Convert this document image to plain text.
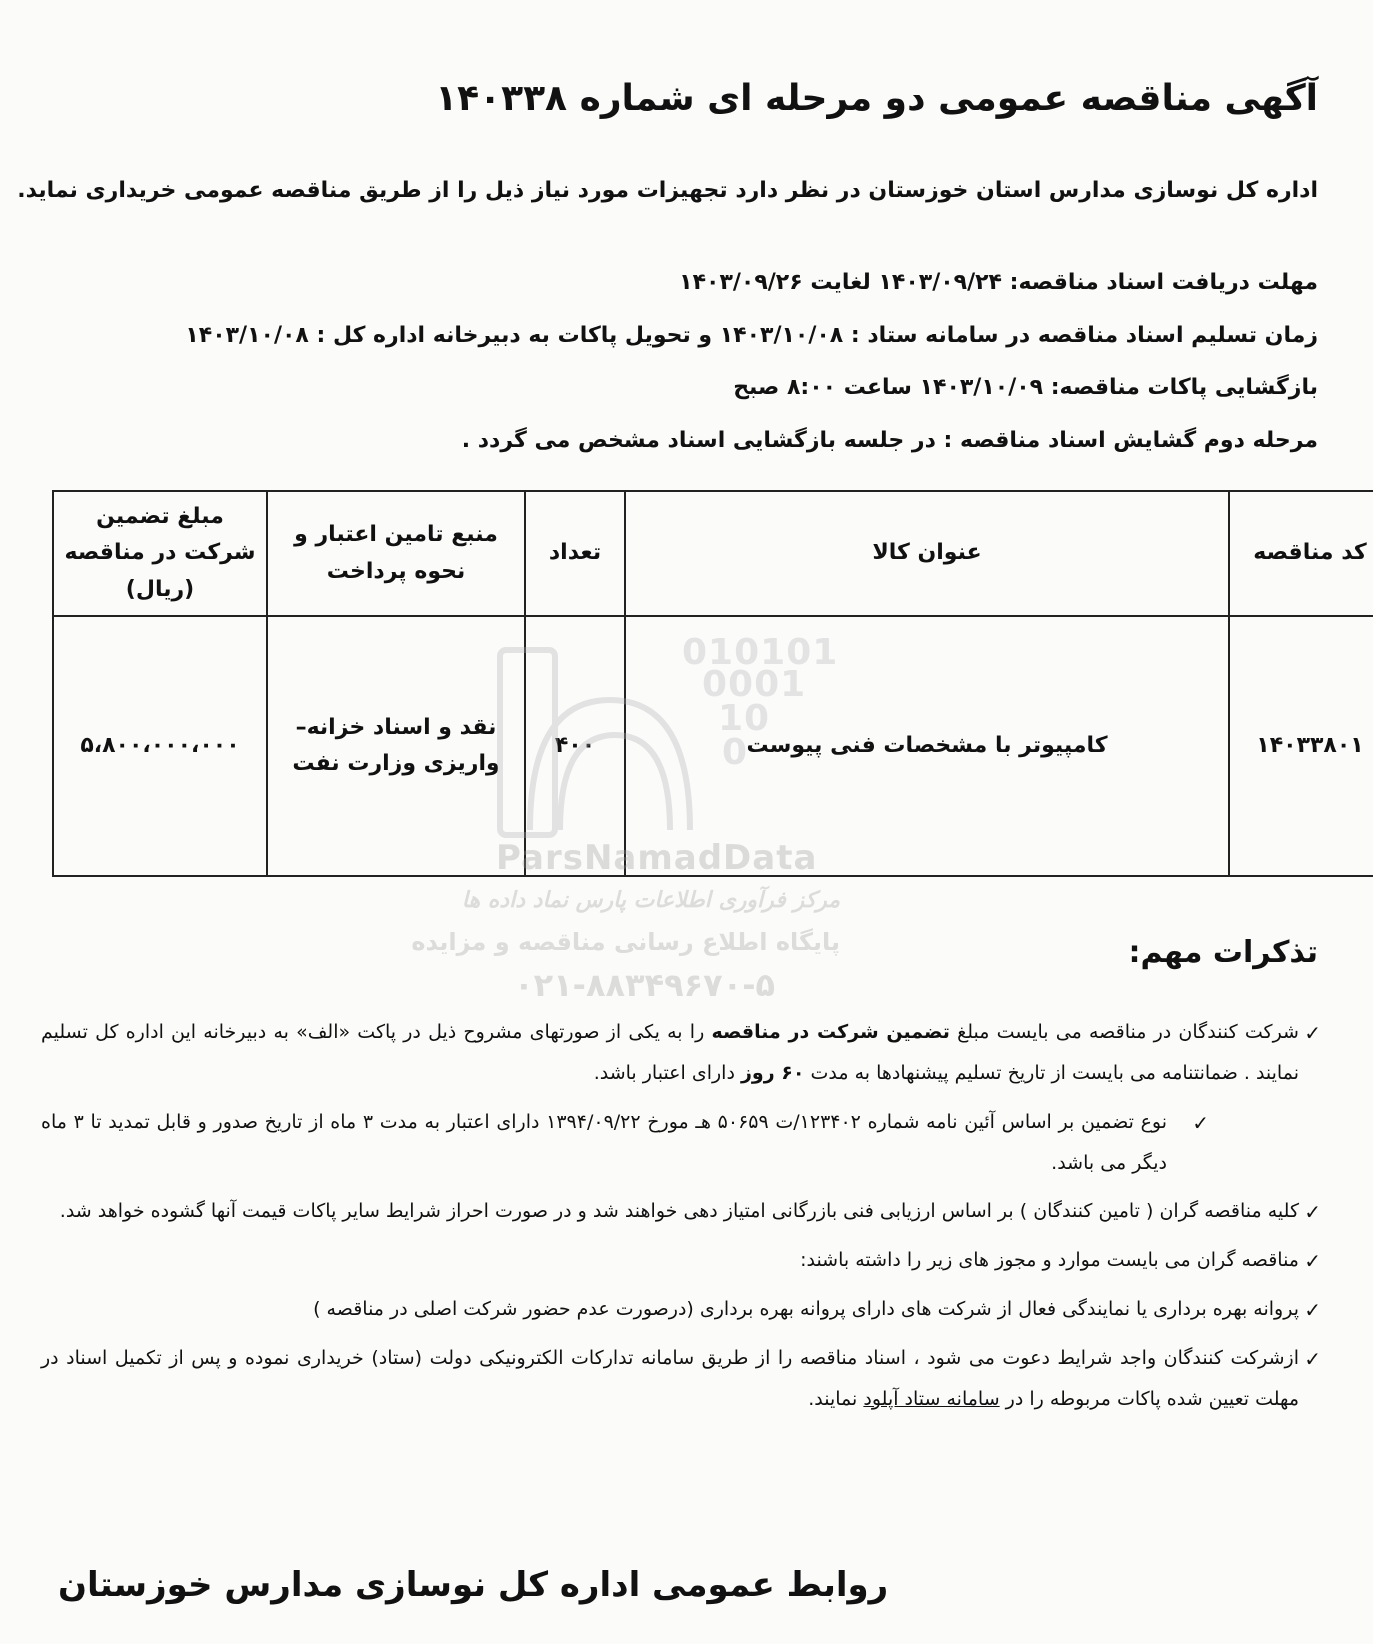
آگهی مناقصه عمومی دو مرحله ای شماره ۱۴۰۳۳۸
اداره کل نوسازی مدارس استان خوزستان در نظر دارد تجهیزات مورد نیاز ذیل را از طریق مناقصه عمومی خریداری نماید.
مهلت دریافت اسناد مناقصه: ۱۴۰۳/۰۹/۲۴ لغایت ۱۴۰۳/۰۹/۲۶
زمان تسلیم اسناد مناقصه در سامانه ستاد : ۱۴۰۳/۱۰/۰۸ و تحویل پاکات به دبیرخانه اداره کل : ۱۴۰۳/۱۰/۰۸
بازگشایی پاکات مناقصه: ۱۴۰۳/۱۰/۰۹ ساعت ۸:۰۰ صبح
مرحله دوم گشایش اسناد مناقصه : در جلسه بازگشایی اسناد مشخص می گردد .
کد مناقصه	عنوان کالا	تعداد	منبع تامین اعتبار و نحوه پرداخت	مبلغ تضمین شرکت در مناقصه (ریال)
۱۴۰۳۳۸۰۱	کامپیوتر با مشخصات فنی پیوست	۴۰۰	نقد و اسناد خزانه– واریزی وزارت نفت	۵،۸۰۰،۰۰۰،۰۰۰
010101
0001
10
0
ParsNamadData
مرکز فرآوری اطلاعات پارس نماد داده ها
پایگاه اطلاع رسانی مناقصه و مزایده
۰۲۱-۸۸۳۴۹۶۷۰-۵
تذکرات مهم:
✓
شرکت کنندگان در مناقصه می بایست مبلغ تضمین شرکت در مناقصه را به یکی از صورتهای مشروح ذیل در پاکت «الف» به دبیرخانه این اداره کل تسلیم نمایند . ضمانتنامه می بایست از تاریخ تسلیم پیشنهادها به مدت ۶۰ روز دارای اعتبار باشد.
✓
نوع تضمین بر اساس آئین نامه شماره ۱۲۳۴۰۲/ت ۵۰۶۵۹ هـ مورخ ۱۳۹۴/۰۹/۲۲ دارای اعتبار به مدت ۳ ماه از تاریخ صدور و قابل تمدید تا ۳ ماه دیگر می باشد.
✓
کلیه مناقصه گران ( تامین کنندگان ) بر اساس ارزیابی فنی بازرگانی امتیاز دهی خواهند شد و در صورت احراز شرایط سایر پاکات قیمت آنها گشوده خواهد شد.
✓
مناقصه گران می بایست موارد و مجوز های زیر را داشته باشند:
✓
پروانه بهره برداری یا نمایندگی فعال از شرکت های دارای پروانه بهره برداری (درصورت عدم حضور شرکت اصلی در مناقصه )
✓
ازشرکت کنندگان واجد شرایط دعوت می شود ، اسناد مناقصه را از طریق سامانه تدارکات الکترونیکی دولت (ستاد) خریداری نموده و پس از تکمیل اسناد در مهلت تعیین شده پاکات مربوطه را در سامانه ستاد آپلود نمایند.
روابط عمومی اداره کل نوسازی مدارس خوزستان
